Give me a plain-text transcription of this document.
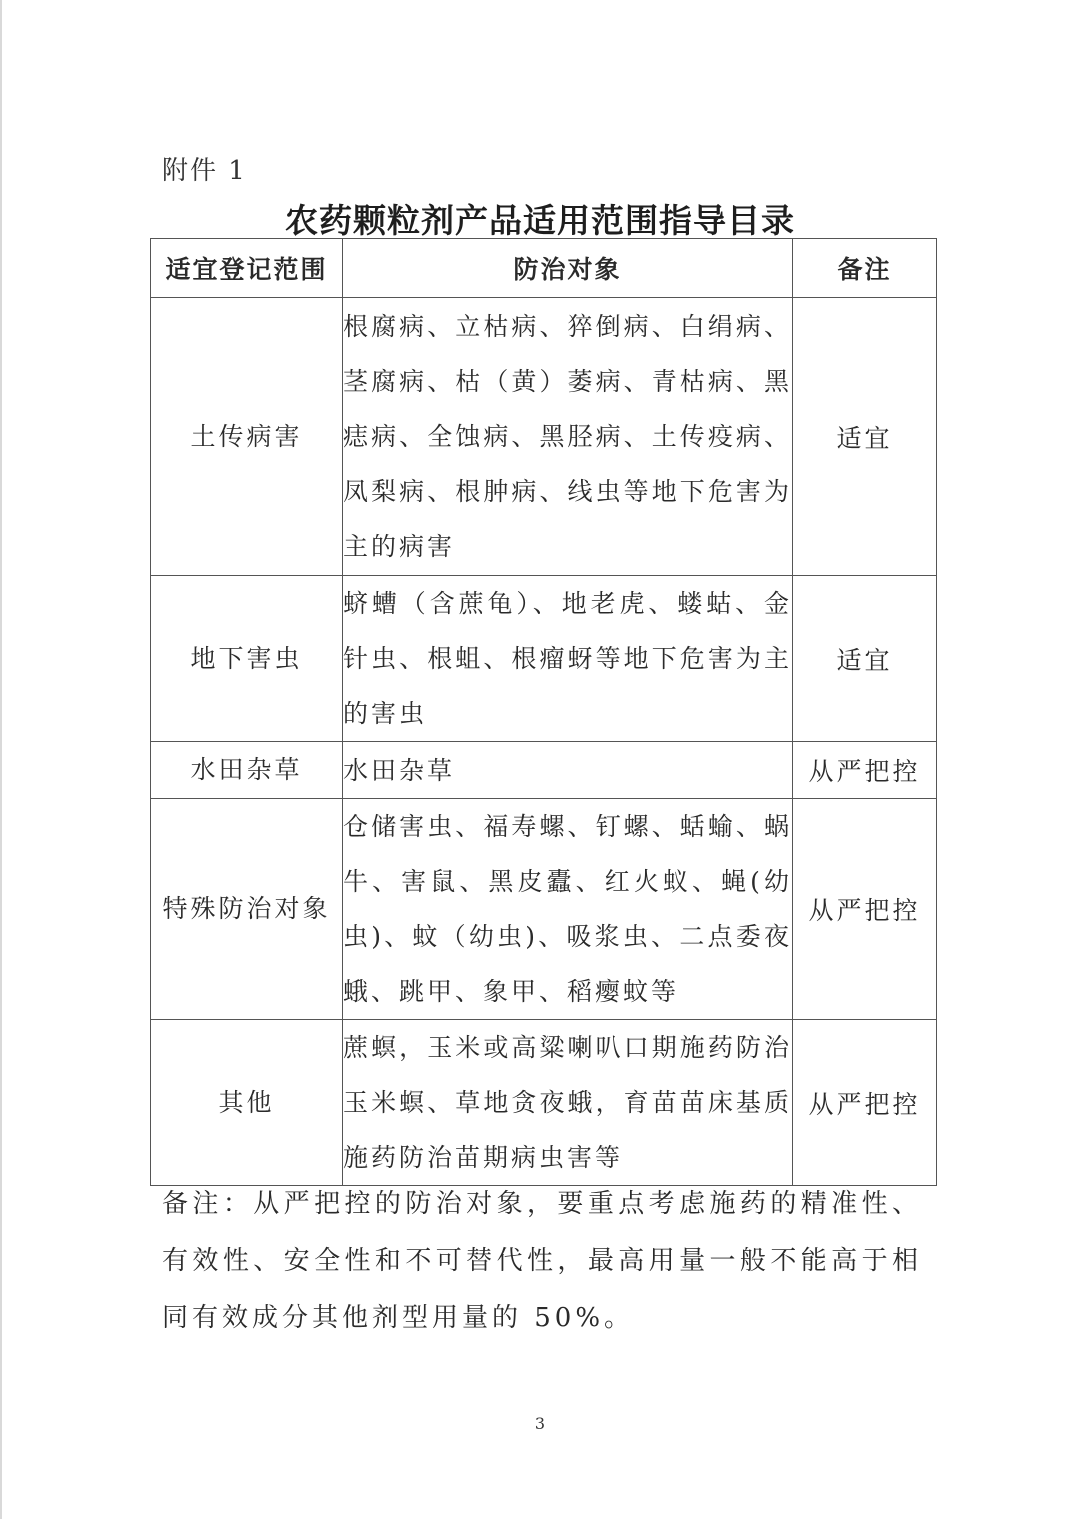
附件 1
农药颗粒剂产品适用范围指导目录
适宜登记范围	防治对象	备注
土传病害	根腐病、立枯病、猝倒病、白绢病、茎腐病、枯（黄）萎病、青枯病、黑痣病、全蚀病、黑胫病、土传疫病、凤梨病、根肿病、线虫等地下危害为主的病害	适宜
地下害虫	蛴螬（含蔗龟）、地老虎、蝼蛄、金针虫、根蛆、根瘤蚜等地下危害为主的害虫	适宜
水田杂草	水田杂草	从严把控
特殊防治对象	仓储害虫、福寿螺、钉螺、蛞蝓、蜗牛、害鼠、黑皮蠹、红火蚁、蝇(幼虫)、蚊（幼虫)、吸浆虫、二点委夜蛾、跳甲、象甲、稻瘿蚊等	从严把控
其他	蔗螟，玉米或高粱喇叭口期施药防治玉米螟、草地贪夜蛾，育苗苗床基质施药防治苗期病虫害等	从严把控
备注：从严把控的防治对象，要重点考虑施药的精准性、有效性、安全性和不可替代性，最高用量一般不能高于相同有效成分其他剂型用量的 50%。
3
